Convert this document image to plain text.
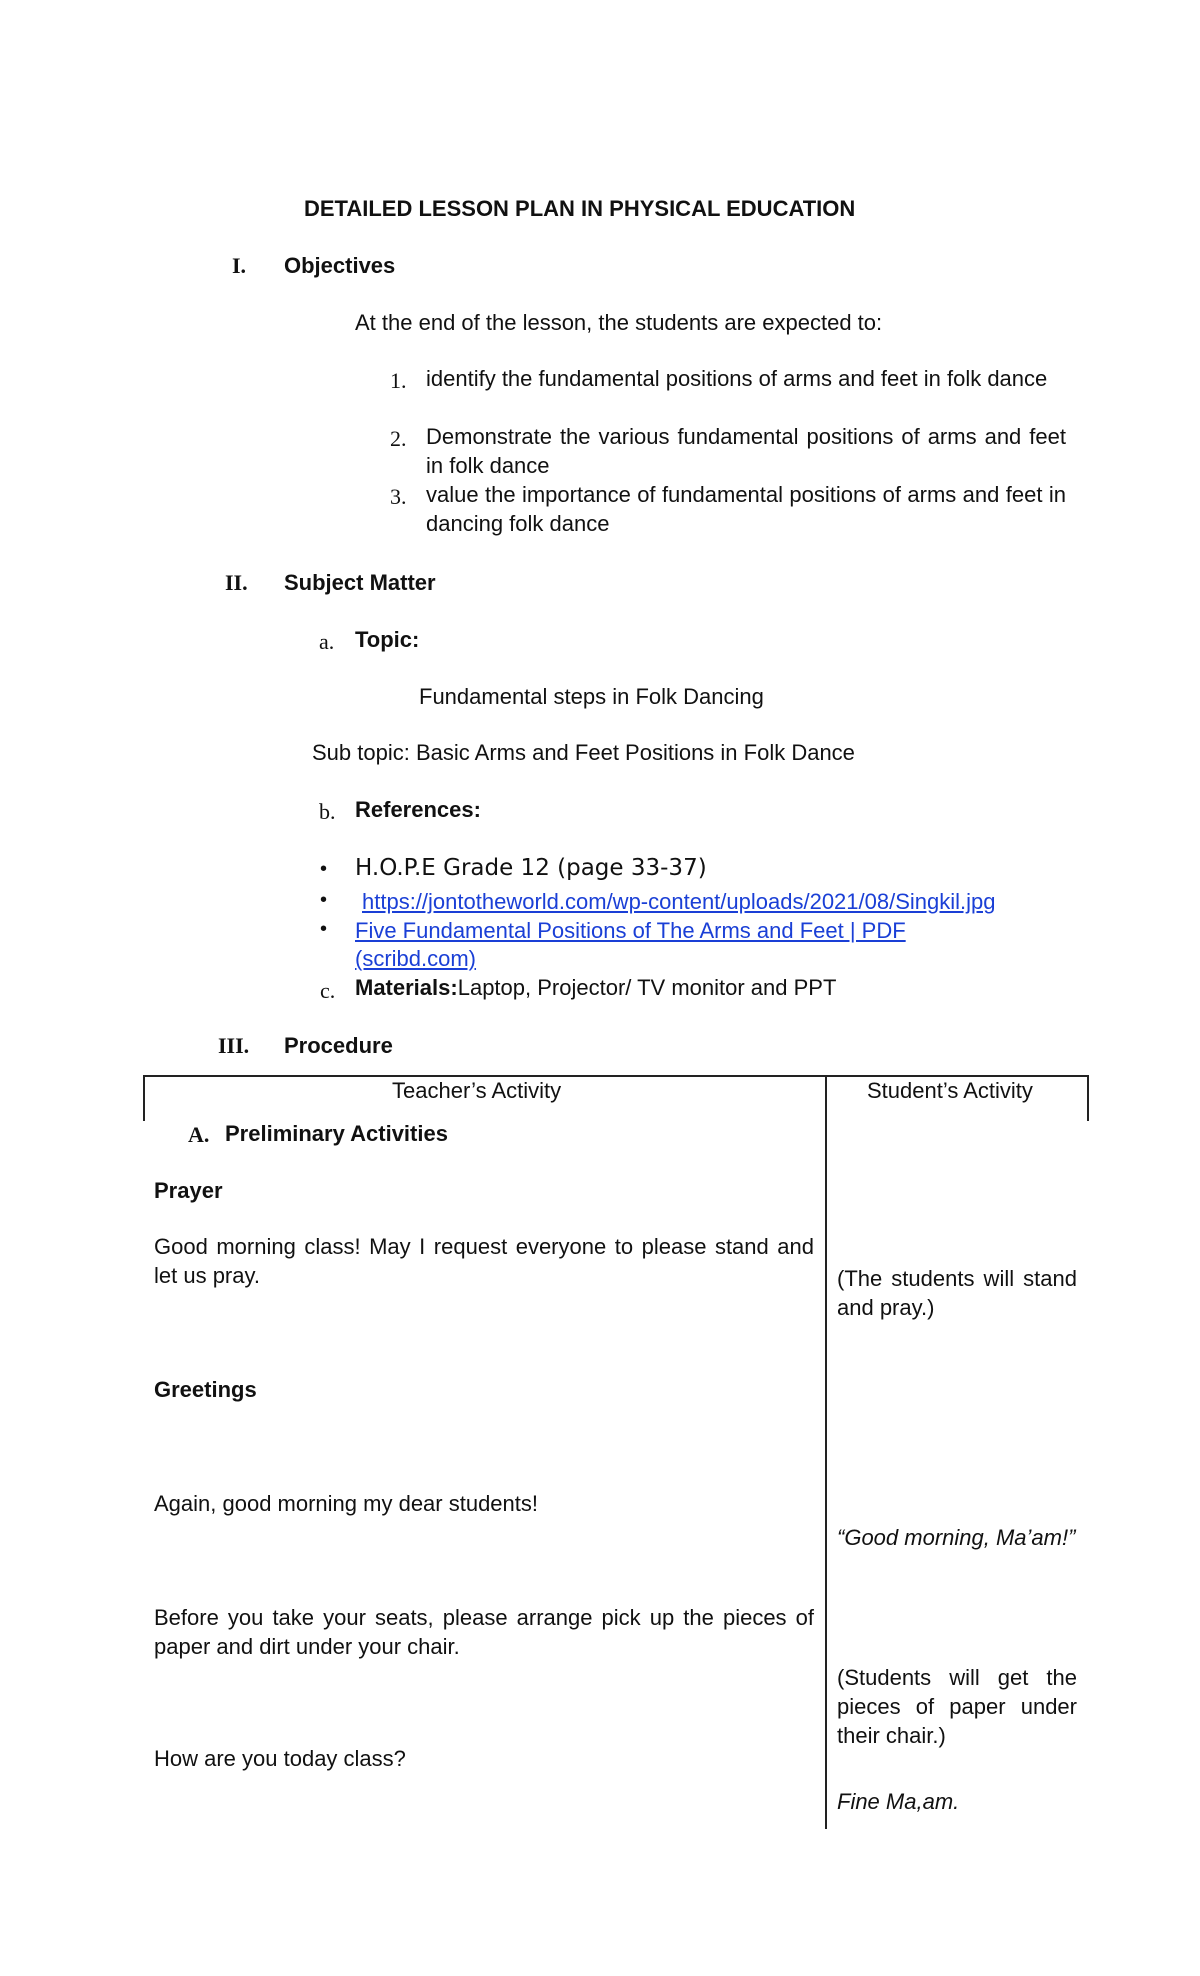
DETAILED LESSON PLAN IN PHYSICAL EDUCATION
I. Objectives
At the end of the lesson, the students are expected to:
1. identify the fundamental positions of arms and feet in folk dance
2. Demonstrate the various fundamental positions of arms and feet in folk dance
3. value the importance of fundamental positions of arms and feet in dancing folk dance
II. Subject Matter
a. Topic:
Fundamental steps in Folk Dancing
Sub topic: Basic Arms and Feet Positions in Folk Dance
b. References:
• H.O.P.E Grade 12 (page 33-37)
• https://jontotheworld.com/wp-content/uploads/2021/08/Singkil.jpg
• Five Fundamental Positions of The Arms and Feet | PDF
(scribd.com)
c. Materials:Laptop, Projector/ TV monitor and PPT
III. Procedure
Teacher’s Activity	Student’s Activity
A. Preliminary Activities
Prayer
Good morning class! May I request everyone to please stand and let us pray.	(The students will stand and pray.)
Greetings
Again, good morning my dear students!
“Good morning, Ma’am!”
Before you take your seats, please arrange pick up the pieces of paper and dirt under your chair.
(Students will get the pieces of paper under their chair.)
How are you today class?
Fine Ma,am.
